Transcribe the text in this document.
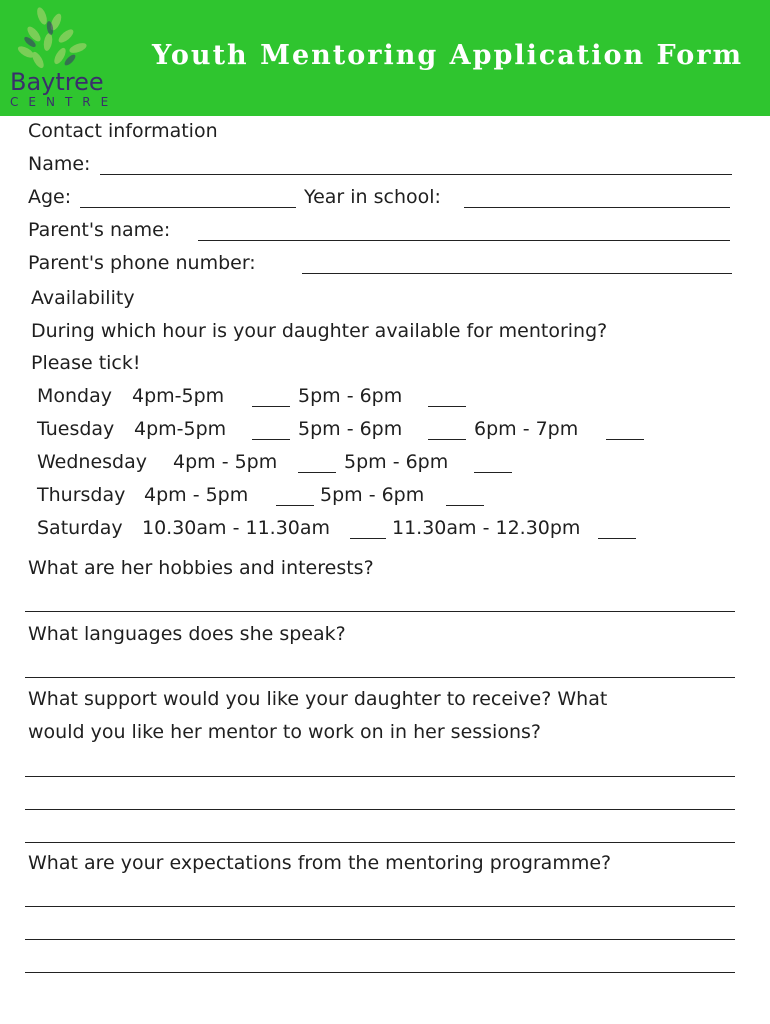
Baytree
CENTRE
Youth Mentoring Application Form
Contact information
Name:
Age:	Year in school:
Parent's name:
Parent's phone number:
Availability
During which hour is your daughter available for mentoring?
Please tick!
Monday 4pm-5pm	5pm - 6pm
Tuesday 4pm-5pm	5pm - 6pm	6pm - 7pm
Wednesday 4pm - 5pm	5pm - 6pm
Thursday 4pm - 5pm	5pm - 6pm
Saturday 10.30am - 11.30am	11.30am - 12.30pm
What are her hobbies and interests?
What languages does she speak?
What support would you like your daughter to receive? What
would you like her mentor to work on in her sessions?
What are your expectations from the mentoring programme?
